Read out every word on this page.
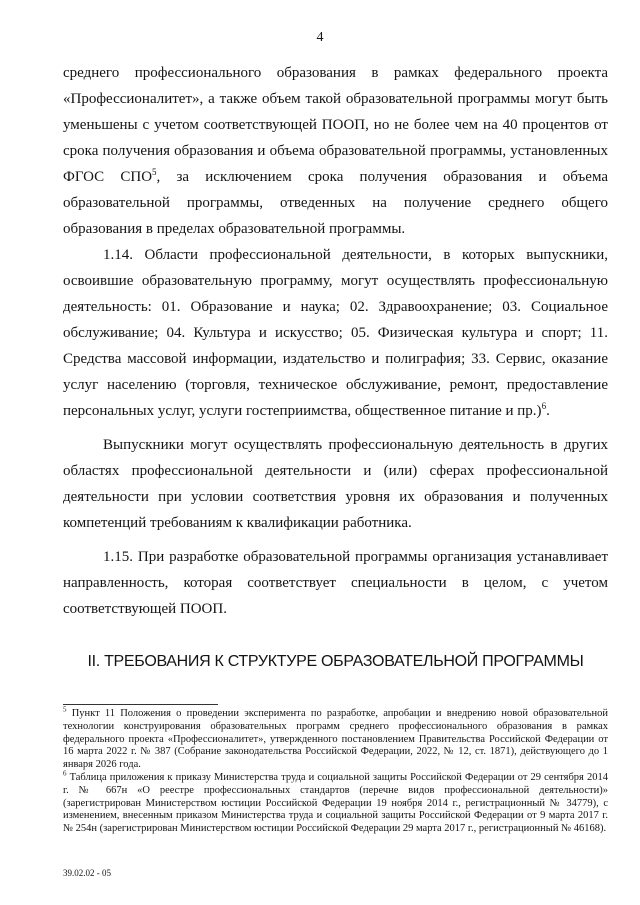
4

среднего профессионального образования в рамках федерального проекта «Профессионалитет», а также объем такой образовательной программы могут быть уменьшены с учетом соответствующей ПООП, но не более чем на 40 процентов от срока получения образования и объема образовательной программы, установленных ФГОС СПО$^5$, за исключением срока получения образования и объема образовательной программы, отведенных на получение среднего общего образования в пределах образовательной программы.

1.14. Области профессиональной деятельности, в которых выпускники, освоившие образовательную программу, могут осуществлять профессиональную деятельность: 01. Образование и наука; 02. Здравоохранение; 03. Социальное обслуживание; 04. Культура и искусство; 05. Физическая культура и спорт; 11. Средства массовой информации, издательство и полиграфия; 33. Сервис, оказание услуг населению (торговля, техническое обслуживание, ремонт, предоставление персональных услуг, услуги гостеприимства, общественное питание и пр.)$^6$.

Выпускники могут осуществлять профессиональную деятельность в других областях профессиональной деятельности и (или) сферах профессиональной деятельности при условии соответствия уровня их образования и полученных компетенций требованиям к квалификации работника.

1.15. При разработке образовательной программы организация устанавливает направленность, которая соответствует специальности в целом, с учетом соответствующей ПООП.

II. ТРЕБОВАНИЯ К СТРУКТУРЕ ОБРАЗОВАТЕЛЬНОЙ ПРОГРАММЫ

$^5$ Пункт 11 Положения о проведении эксперимента по разработке, апробации и внедрению новой образовательной технологии конструирования образовательных программ среднего профессионального образования в рамках федерального проекта «Профессионалитет», утвержденного постановлением Правительства Российской Федерации от 16 марта 2022 г. № 387 (Собрание законодательства Российской Федерации, 2022, № 12, ст. 1871), действующего до 1 января 2026 года.

$^6$ Таблица приложения к приказу Министерства труда и социальной защиты Российской Федерации от 29 сентября 2014 г. № 667н «О реестре профессиональных стандартов (перечне видов профессиональной деятельности)» (зарегистрирован Министерством юстиции Российской Федерации 19 ноября 2014 г., регистрационный № 34779), с изменением, внесенным приказом Министерства труда и социальной защиты Российской Федерации от 9 марта 2017 г. № 254н (зарегистрирован Министерством юстиции Российской Федерации 29 марта 2017 г., регистрационный № 46168).

39.02.02 - 05
